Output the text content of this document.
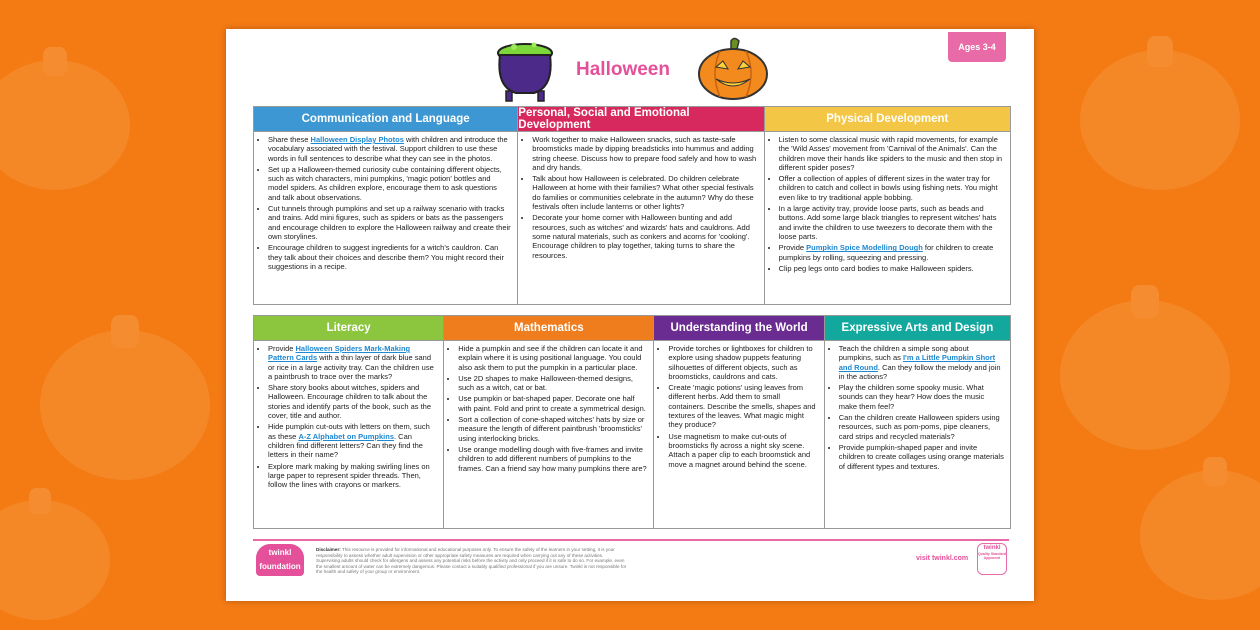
Ages 3-4
Halloween
Communication and Language
• Share these Halloween Display Photos with children and introduce the vocabulary associated with the festival. Support children to use these words in full sentences to describe what they can see in the photos.
• Set up a Halloween-themed curiosity cube containing different objects, such as witch characters, mini pumpkins, 'magic potion' bottles and model spiders. As children explore, encourage them to ask questions and talk about observations.
• Cut tunnels through pumpkins and set up a railway scenario with tracks and trains. Add mini figures, such as spiders or bats as the passengers and encourage children to explore the Halloween railway and create their own storylines.
• Encourage children to suggest ingredients for a witch's cauldron. Can they talk about their choices and describe them? You might record their suggestions in a recipe.
Personal, Social and Emotional Development
• Work together to make Halloween snacks, such as taste-safe broomsticks made by dipping breadsticks into hummus and adding string cheese. Discuss how to prepare food safely and how to wash and dry hands.
• Talk about how Halloween is celebrated. Do children celebrate Halloween at home with their families? What other special festivals do families or communities celebrate in the autumn? Why do these festivals often include lanterns or other lights?
• Decorate your home corner with Halloween bunting and add resources, such as witches' and wizards' hats and cauldrons. Add some natural materials, such as conkers and acorns for 'cooking'. Encourage children to play together, taking turns to share the resources.
Physical Development
• Listen to some classical music with rapid movements, for example the 'Wild Asses' movement from 'Carnival of the Animals'. Can the children move their hands like spiders to the music and then stop in different spider poses?
• Offer a collection of apples of different sizes in the water tray for children to catch and collect in bowls using fishing nets. You might even like to try traditional apple bobbing.
• In a large activity tray, provide loose parts, such as beads and buttons. Add some large black triangles to represent witches' hats and invite the children to use tweezers to decorate them with the loose parts.
• Provide Pumpkin Spice Modelling Dough for children to create pumpkins by rolling, squeezing and pressing.
• Clip peg legs onto card bodies to make Halloween spiders.
Literacy
• Provide Halloween Spiders Mark-Making Pattern Cards with a thin layer of dark blue sand or rice in a large activity tray. Can the children use a paintbrush to trace over the marks?
• Share story books about witches, spiders and Halloween. Encourage children to talk about the stories and identify parts of the book, such as the cover, title and author.
• Hide pumpkin cut-outs with letters on them, such as these A-Z Alphabet on Pumpkins. Can children find different letters? Can they find the letters in their name?
• Explore mark making by making swirling lines on large paper to represent spider threads. Then, follow the lines with crayons or markers.
Mathematics
• Hide a pumpkin and see if the children can locate it and explain where it is using positional language. You could also ask them to put the pumpkin in a particular place.
• Use 2D shapes to make Halloween-themed designs, such as a witch, cat or bat.
• Use pumpkin or bat-shaped paper. Decorate one half with paint. Fold and print to create a symmetrical design.
• Sort a collection of cone-shaped witches' hats by size or measure the length of different paintbrush 'broomsticks' using interlocking bricks.
• Use orange modelling dough with five-frames and invite children to add different numbers of pumpkins to the frames. Can a friend say how many pumpkins there are?
Understanding the World
• Provide torches or lightboxes for children to explore using shadow puppets featuring silhouettes of different objects, such as broomsticks, cauldrons and cats.
• Create 'magic potions' using leaves from different herbs. Add them to small containers. Describe the smells, shapes and textures of the leaves. What magic might they produce?
• Use magnetism to make cut-outs of broomsticks fly across a night sky scene. Attach a paper clip to each broomstick and move a magnet around behind the scene.
Expressive Arts and Design
• Teach the children a simple song about pumpkins, such as I'm a Little Pumpkin Short and Round. Can they follow the melody and join in the actions?
• Play the children some spooky music. What sounds can they hear? How does the music make them feel?
• Can the children create Halloween spiders using resources, such as pom-poms, pipe cleaners, card strips and recycled materials?
• Provide pumpkin-shaped paper and invite children to create collages using orange materials of different types and textures.
twinkl
foundation
Disclaimer: This resource is provided for informational and educational purposes only. To ensure the safety of the learners in your setting, it is your responsibility to assess whether adult supervision or other appropriate safety measures are required when carrying out any of these activities. Supervising adults should check for allergens and assess any potential risks before the activity and only proceed if it is safe to do so. For example, even the smallest amount of water can be extremely dangerous. Please contact a suitably qualified professional if you are unsure. Twinkl is not responsible for the health and safety of your group or environment.
visit twinkl.com
twinkl
Quality Standard Approved
